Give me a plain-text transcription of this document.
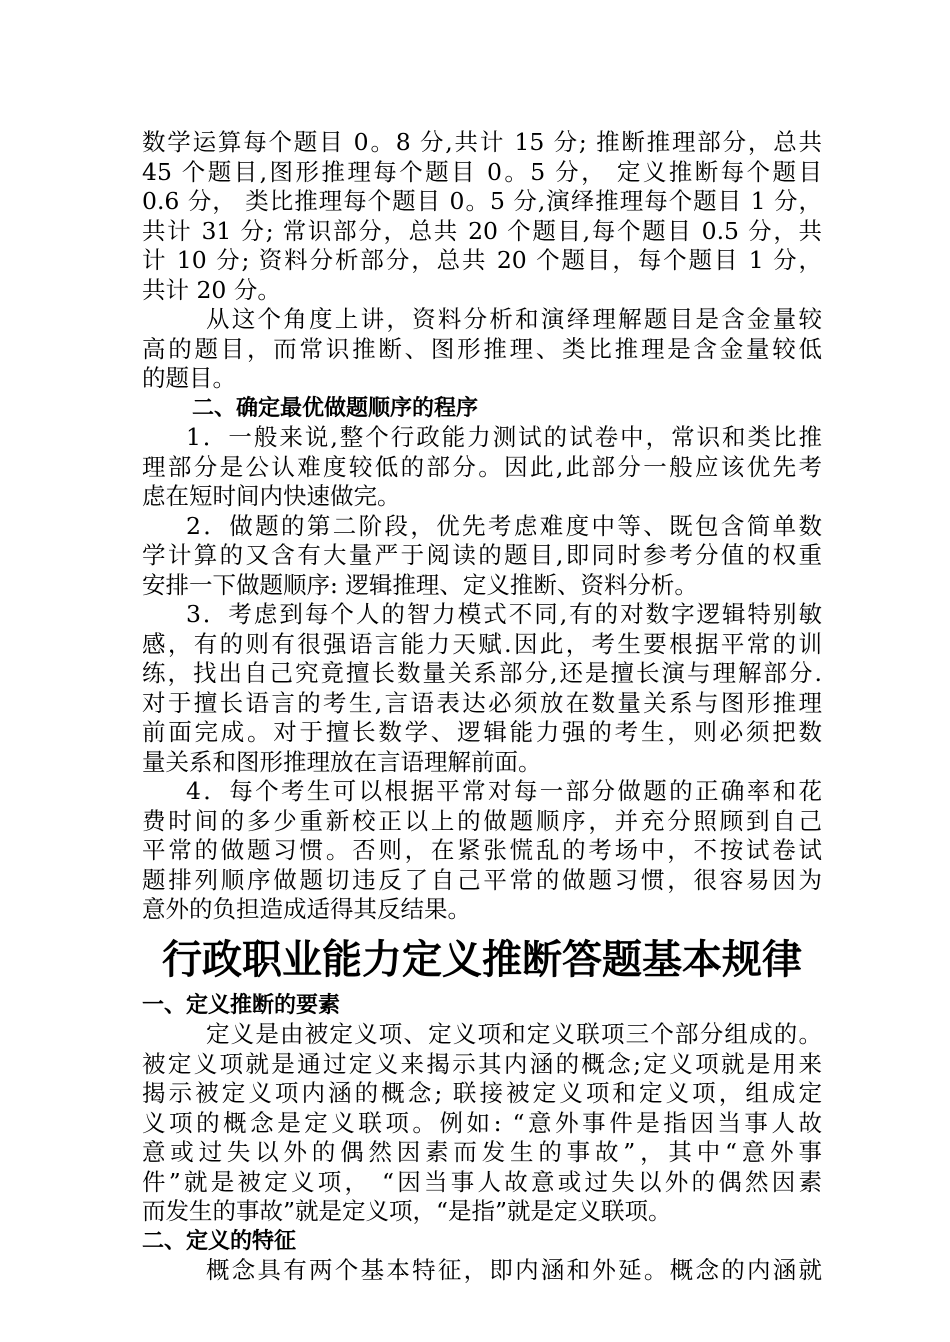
数学运算每个题目 0。8 分,共计 15 分; 推断推理部分，总共
45 个题目,图形推理每个题目 0。5 分， 定义推断每个题目
0.6 分， 类比推理每个题目 0。5 分,演绎推理每个题目 1 分，
共计 31 分; 常识部分，总共 20 个题目,每个题目 0.5 分，共
计 10 分; 资料分析部分，总共 20 个题目，每个题目 1 分，
共计 20 分。
从这个角度上讲，资料分析和演绎理解题目是含金量较
高的题目，而常识推断、图形推理、类比推理是含金量较低
的题目。
二、确定最优做题顺序的程序
1．一般来说,整个行政能力测试的试卷中，常识和类比推
理部分是公认难度较低的部分。因此,此部分一般应该优先考
虑在短时间内快速做完。
2．做题的第二阶段，优先考虑难度中等、既包含简单数
学计算的又含有大量严于阅读的题目,即同时参考分值的权重
安排一下做题顺序: 逻辑推理、定义推断、资料分析。
3．考虑到每个人的智力模式不同,有的对数字逻辑特别敏
感，有的则有很强语言能力天赋.因此，考生要根据平常的训
练，找出自己究竟擅长数量关系部分,还是擅长演与理解部分.
对于擅长语言的考生,言语表达必须放在数量关系与图形推理
前面完成。对于擅长数学、逻辑能力强的考生，则必须把数
量关系和图形推理放在言语理解前面。
4．每个考生可以根据平常对每一部分做题的正确率和花
费时间的多少重新校正以上的做题顺序，并充分照顾到自己
平常的做题习惯。否则，在紧张慌乱的考场中，不按试卷试
题排列顺序做题切违反了自己平常的做题习惯，很容易因为
意外的负担造成适得其反结果。
行政职业能力定义推断答题基本规律
一、定义推断的要素
定义是由被定义项、定义项和定义联项三个部分组成的。
被定义项就是通过定义来揭示其内涵的概念;定义项就是用来
揭示被定义项内涵的概念; 联接被定义项和定义项，组成定
义项的概念是定义联项。例如: “意外事件是指因当事人故
意或过失以外的偶然因素而发生的事故”，其中“意外事
件”就是被定义项， “因当事人故意或过失以外的偶然因素
而发生的事故”就是定义项，“是指”就是定义联项。
二、定义的特征
概念具有两个基本特征，即内涵和外延。概念的内涵就
